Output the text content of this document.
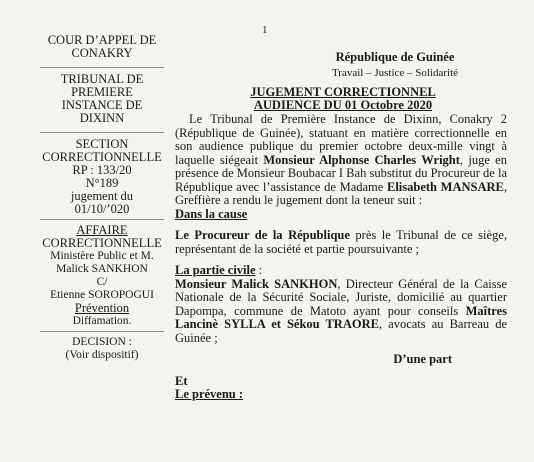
1
COUR D’APPEL DE
CONAKRY
TRIBUNAL DE
PREMIERE
INSTANCE DE
DIXINN
SECTION
CORRECTIONNELLE
RP : 133/20
N°189
jugement du
01/10/’020
AFFAIRE
CORRECTIONNELLE
Ministère Public et M.
Malick SANKHON
C/
Etienne SOROPOGUI
Prévention
Diffamation.
DECISION :
(Voir dispositif)
République de Guinée
Travail – Justice – Solidarité
JUGEMENT CORRECTIONNEL
AUDIENCE DU 01 Octobre 2020

Le Tribunal de Première Instance de Dixinn, Conakry 2 (République de Guinée), statuant en matière correctionnelle en son audience publique du premier octobre deux-mille vingt à laquelle siégeait Monsieur Alphonse Charles Wright, juge en présence de Monsieur Boubacar I Bah substitut du Procureur de la République avec l’assistance de Madame Elisabeth MANSARE, Greffière a rendu le jugement dont la teneur suit :

Dans la cause

Le Procureur de la République près le Tribunal de ce siège, représentant de la société et partie poursuivante ;

La partie civile :

Monsieur Malick SANKHON, Directeur Général de la Caisse Nationale de la Sécurité Sociale, Juriste, domicilié au quartier Dapompa, commune de Matoto ayant pour conseils Maîtres Lancinè SYLLA et Sékou TRAORE, avocats au Barreau de Guinée ;

D’une part

Et

Le prévenu :
